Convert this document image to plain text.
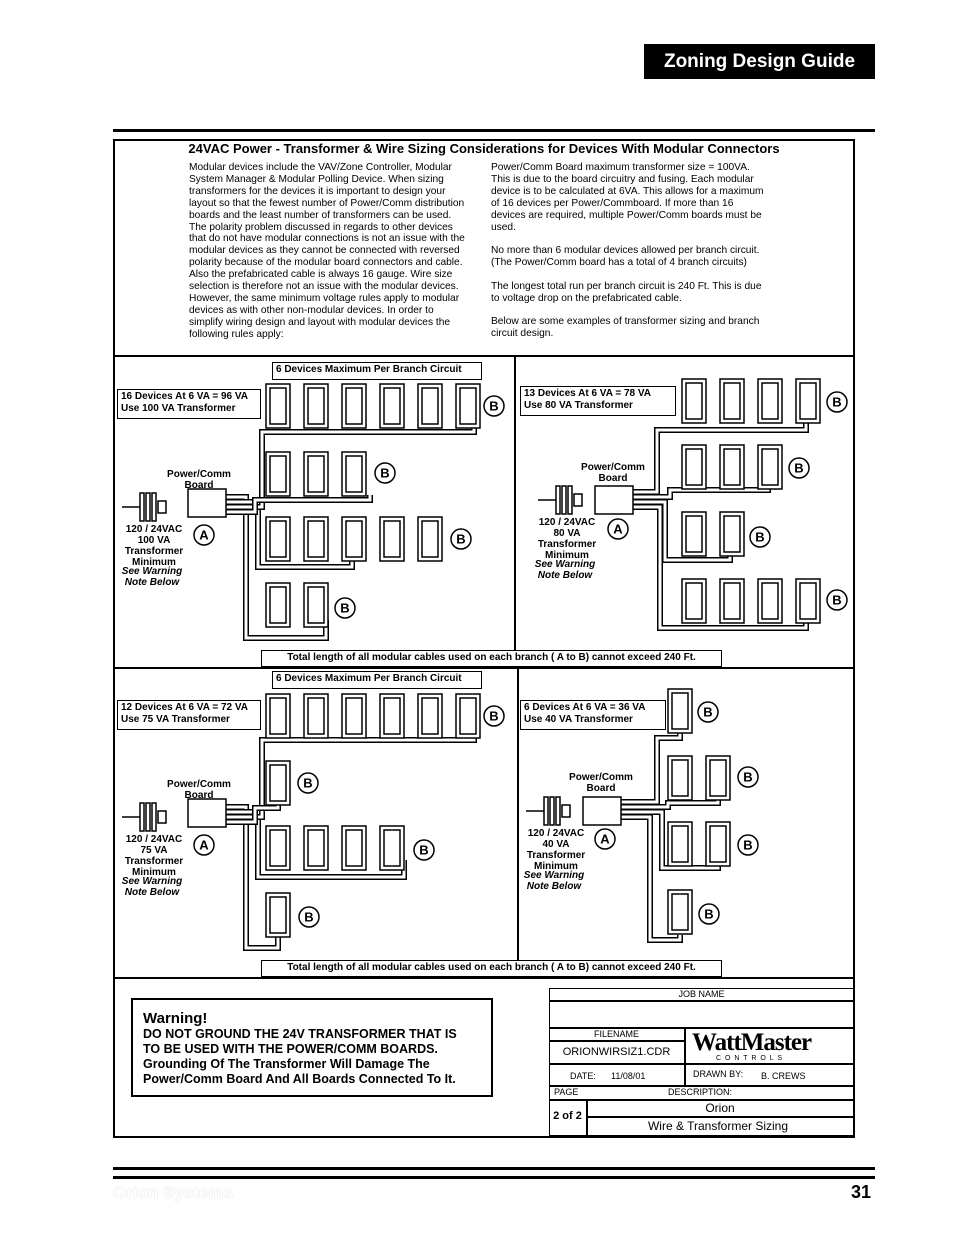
Zoning Design Guide
24VAC Power - Transformer & Wire Sizing Considerations for Devices With Modular Connectors
Modular devices include the VAV/Zone Controller, Modular
System Manager & Modular Polling Device. When sizing
transformers for the devices it is important to design your
layout so that the fewest number of Power/Comm distribution
boards and the least number of transformers can be used.
The polarity problem discussed in regards to other devices
that do not have modular connections is not an issue with the
modular devices as they cannot be connected with reversed
polarity because of the modular board connectors and cable.
Also the prefabricated cable is always 16 gauge. Wire size
selection is therefore not an issue with the modular devices.
However, the same minimum voltage rules apply to modular
devices as with other non-modular devices. In order to
simplify wiring design and layout with modular devices the
following rules apply:
Power/Comm Board maximum transformer size = 100VA.
This is due to the board circuitry and fusing. Each modular
device is to be calculated at 6VA. This allows for a maximum
of 16 devices per Power/Commboard. If more than 16
devices are required, multiple Power/Comm boards must be
used.
No more than 6 modular devices allowed per branch circuit.
(The Power/Comm board has a total of 4 branch circuits)
The longest total run per branch circuit is 240 Ft. This is due
to voltage drop on the prefabricated cable.
Below are some examples of transformer sizing and branch
circuit design.
B
B
B
B
A
B
B
B
B
A
B
B
B
B
A
B
B
B
B
A
6 Devices Maximum Per Branch Circuit
6 Devices Maximum Per Branch Circuit
16 Devices At 6 VA = 96 VA
Use 100 VA Transformer
13 Devices At 6 VA = 78 VA
Use 80 VA Transformer
12 Devices At 6 VA = 72 VA
Use 75 VA Transformer
6 Devices At 6 VA = 36 VA
Use 40 VA Transformer
Total length of all modular cables used on each branch ( A to B) cannot exceed 240 Ft.
Total length of all modular cables used on each branch ( A to B) cannot exceed 240 Ft.
Power/Comm
Board
Power/Comm
Board
Power/Comm
Board
Power/Comm
Board
120 / 24VAC
100 VA
Transformer
Minimum
See Warning
Note Below
120 / 24VAC
80 VA
Transformer
Minimum
See Warning
Note Below
120 / 24VAC
75 VA
Transformer
Minimum
See Warning
Note Below
120 / 24VAC
40 VA
Transformer
Minimum
See Warning
Note Below
Warning!
DO NOT GROUND THE 24V TRANSFORMER THAT IS
TO BE USED WITH THE POWER/COMM BOARDS.
Grounding Of The Transformer Will Damage The
Power/Comm Board And All Boards Connected To It.
JOB NAME
FILENAME
ORIONWIRSIZ1.CDR WattMaster
C O N T R O L S
DATE: 11/08/01	DRAWN BY: B. CREWS
PAGE	DESCRIPTION:
2 of 2
Orion
Wire & Transformer Sizing
Orion Systems	31
